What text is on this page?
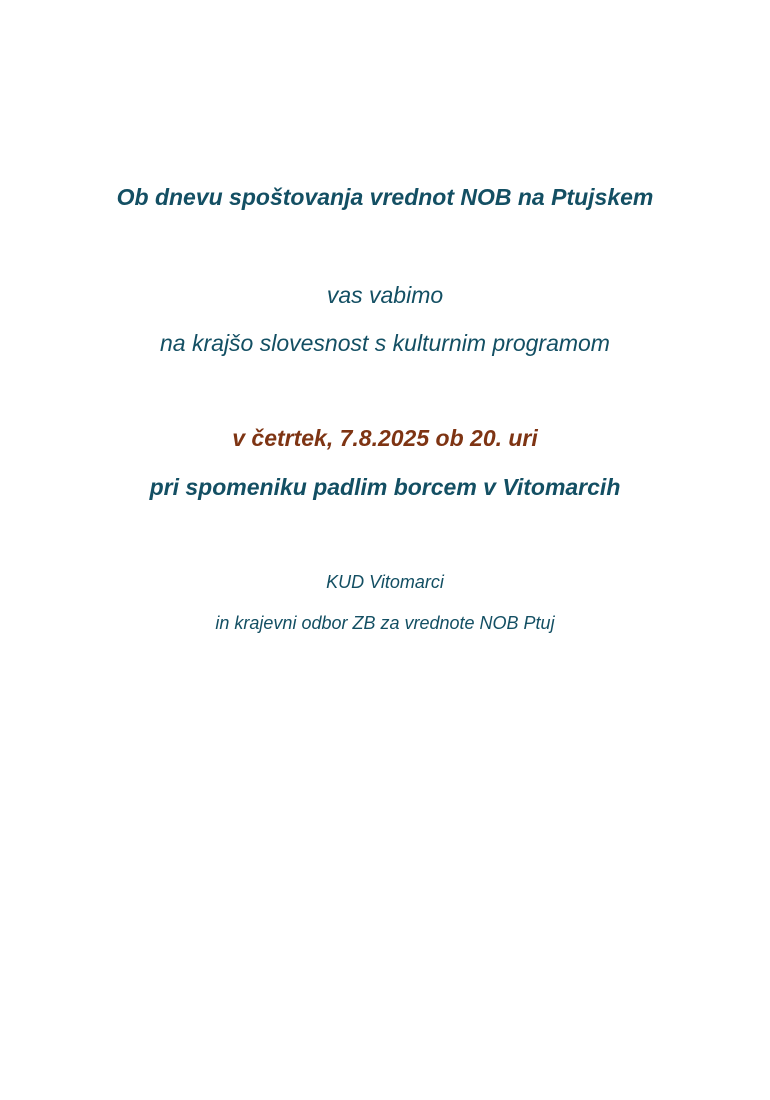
Ob dnevu spoštovanja vrednot NOB na Ptujskem

vas vabimo

na krajšo slovesnost s kulturnim programom

v četrtek, 7.8.2025 ob 20. uri

pri spomeniku padlim borcem v Vitomarcih

KUD Vitomarci

in krajevni odbor ZB za vrednote NOB Ptuj
